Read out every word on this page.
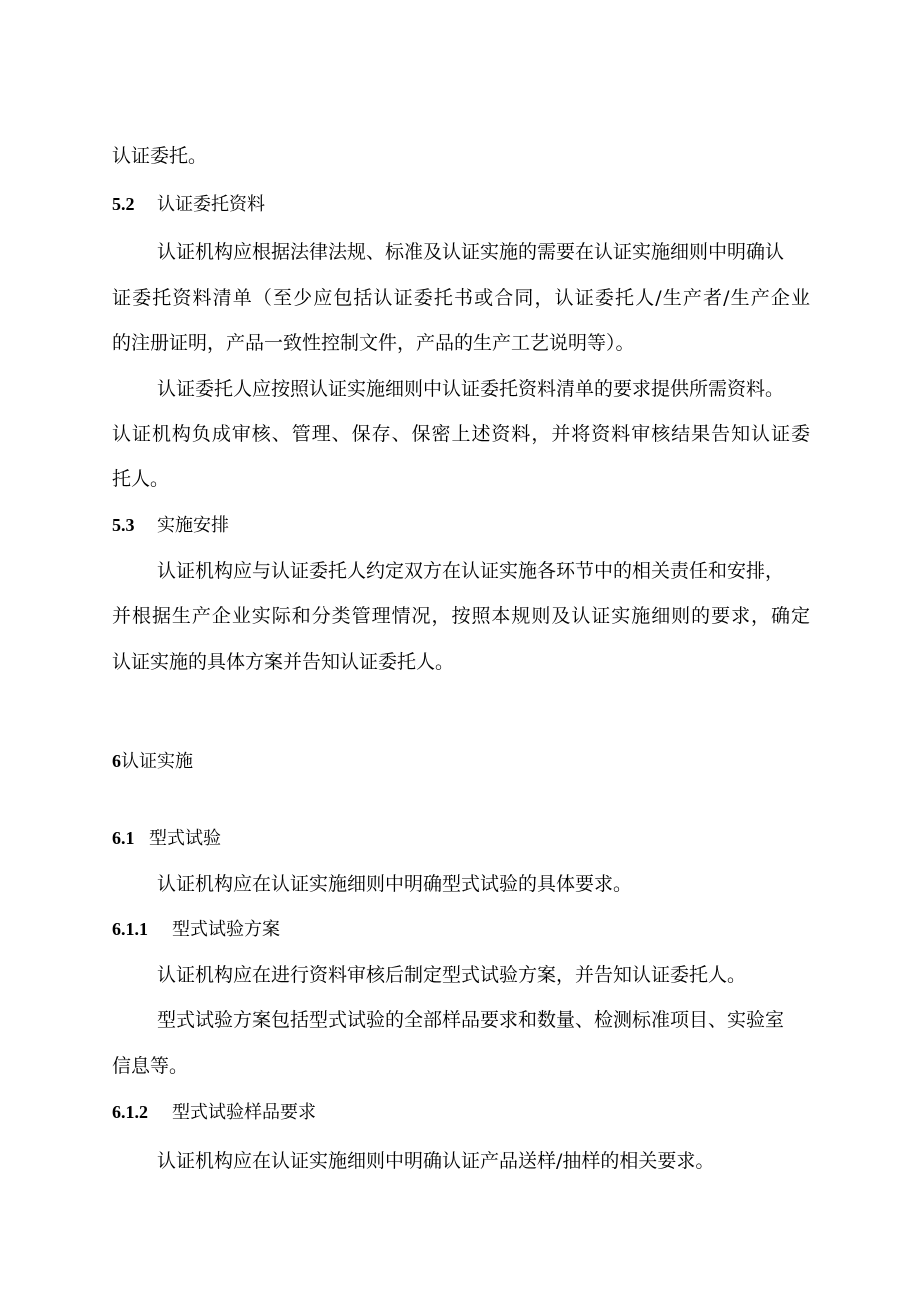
认证委托。
5.2 认证委托资料
认证机构应根据法律法规、标准及认证实施的需要在认证实施细则中明确认
证委托资料清单（至少应包括认证委托书或合同，认证委托人/生产者/生产企业
的注册证明，产品一致性控制文件，产品的生产工艺说明等）。
认证委托人应按照认证实施细则中认证委托资料清单的要求提供所需资料。
认证机构负成审核、管理、保存、保密上述资料，并将资料审核结果告知认证委
托人。
5.3 实施安排
认证机构应与认证委托人约定双方在认证实施各环节中的相关责任和安排，
并根据生产企业实际和分类管理情况，按照本规则及认证实施细则的要求，确定
认证实施的具体方案并告知认证委托人。
6认证实施
6.1 型式试验
认证机构应在认证实施细则中明确型式试验的具体要求。
6.1.1 型式试验方案
认证机构应在进行资料审核后制定型式试验方案，并告知认证委托人。
型式试验方案包括型式试验的全部样品要求和数量、检测标准项目、实验室
信息等。
6.1.2 型式试验样品要求
认证机构应在认证实施细则中明确认证产品送样/抽样的相关要求。
